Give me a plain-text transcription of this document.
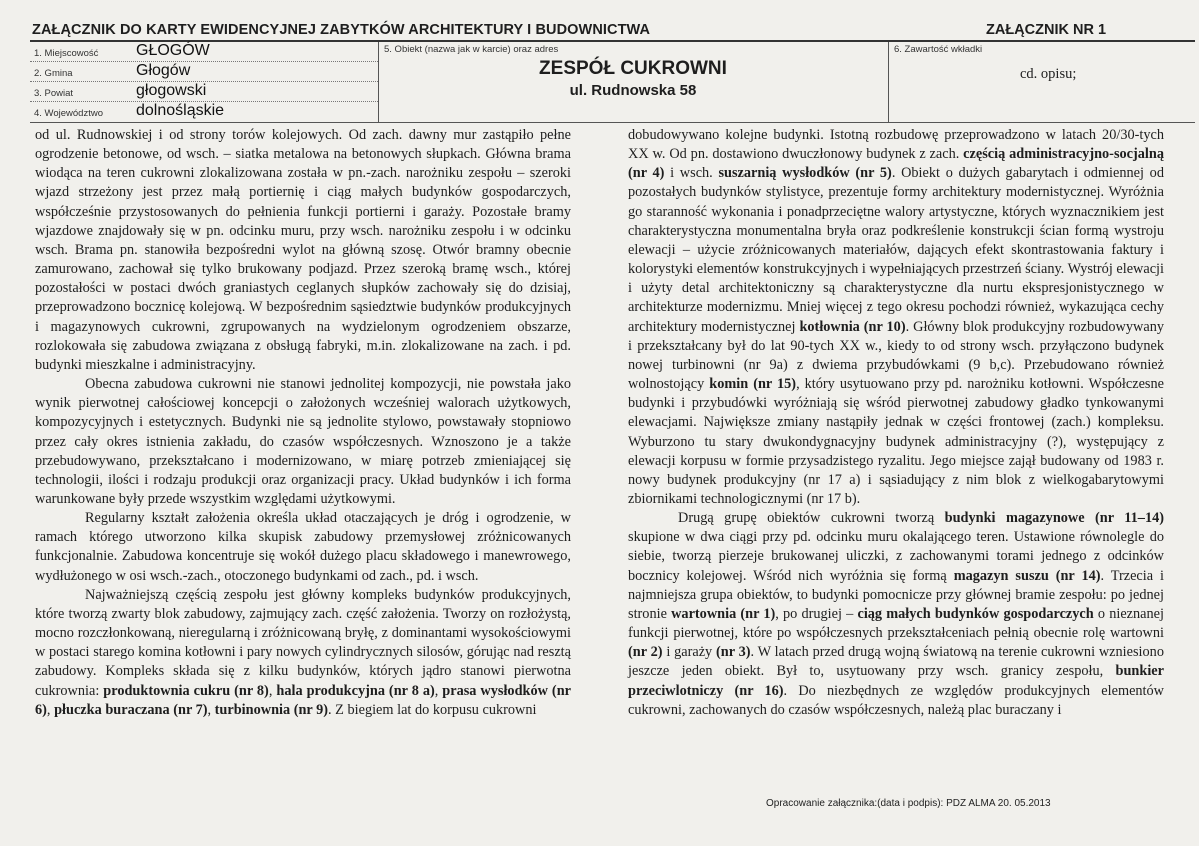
ZAŁĄCZNIK DO KARTY EWIDENCYJNEJ ZABYTKÓW ARCHITEKTURY I BUDOWNICTWA	ZAŁĄCZNIK NR 1
1. Miejscowość GŁOGÓW
2. Gmina	Głogów
3. Powiat	głogowski
4. Województwo dolnośląskie
5. Obiekt (nazwa jak w karcie) oraz adres
ZESPÓŁ CUKROWNI
ul. Rudnowska 58
6. Zawartość wkładki
cd. opisu;

od ul. Rudnowskiej i od strony torów kolejowych. Od zach. dawny mur zastąpiło pełne ogrodzenie betonowe, od wsch. – siatka metalowa na betonowych słupkach. Główna brama wiodąca na teren cukrowni zlokalizowana została w pn.-zach. narożniku zespołu – szeroki wjazd strzeżony jest przez małą portiernię i ciąg małych budynków gospodarczych, współcześnie przystosowanych do pełnienia funkcji portierni i garaży. Pozostałe bramy wjazdowe znajdowały się w pn. odcinku muru, przy wsch. narożniku zespołu i w odcinku wsch. Brama pn. stanowiła bezpośredni wylot na główną szosę. Otwór bramny obecnie zamurowano, zachował się tylko brukowany podjazd. Przez szeroką bramę wsch., której pozostałości w postaci dwóch graniastych ceglanych słupków zachowały się do dzisiaj, przeprowadzono bocznicę kolejową. W bezpośrednim sąsiedztwie budynków produkcyjnych i magazynowych cukrowni, zgrupowanych na wydzielonym ogrodzeniem obszarze, rozlokowała się zabudowa związana z obsługą fabryki, m.in. zlokalizowane na zach. i pd. budynki mieszkalne i administracyjny.

Obecna zabudowa cukrowni nie stanowi jednolitej kompozycji, nie powstała jako wynik pierwotnej całościowej koncepcji o założonych wcześniej walorach użytkowych, kompozycyjnych i estetycznych. Budynki nie są jednolite stylowo, powstawały stopniowo przez cały okres istnienia zakładu, do czasów współczesnych. Wznoszono je a także przebudowywano, przekształcano i modernizowano, w miarę potrzeb zmieniającej się technologii, ilości i rodzaju produkcji oraz organizacji pracy. Układ budynków i ich forma warunkowane były przede wszystkim względami użytkowymi.

Regularny kształt założenia określa układ otaczających je dróg i ogrodzenie, w ramach którego utworzono kilka skupisk zabudowy przemysłowej zróżnicowanych funkcjonalnie. Zabudowa koncentruje się wokół dużego placu składowego i manewrowego, wydłużonego w osi wsch.-zach., otoczonego budynkami od zach., pd. i wsch.

Najważniejszą częścią zespołu jest główny kompleks budynków produkcyjnych, które tworzą zwarty blok zabudowy, zajmujący zach. część założenia. Tworzy on rozłożystą, mocno rozczłonkowaną, nieregularną i zróżnicowaną bryłę, z dominantami wysokościowymi w postaci starego komina kotłowni i pary nowych cylindrycznych silosów, górując nad resztą zabudowy. Kompleks składa się z kilku budynków, których jądro stanowi pierwotna cukrownia: produktownia cukru (nr 8), hala produkcyjna (nr 8 a), prasa wysłodków (nr 6), płuczka buraczana (nr 7), turbinownia (nr 9). Z biegiem lat do korpusu cukrowni

dobudowywano kolejne budynki. Istotną rozbudowę przeprowadzono w latach 20/30-tych XX w. Od pn. dostawiono dwuczłonowy budynek z zach. częścią administracyjno-socjalną (nr 4) i wsch. suszarnią wysłodków (nr 5). Obiekt o dużych gabarytach i odmiennej od pozostałych budynków stylistyce, prezentuje formy architektury modernistycznej. Wyróżnia go staranność wykonania i ponadprzeciętne walory artystyczne, których wyznacznikiem jest charakterystyczna monumentalna bryła oraz podkreślenie konstrukcji ścian formą wystroju elewacji – użycie zróżnicowanych materiałów, dających efekt skontrastowania faktury i kolorystyki elementów konstrukcyjnych i wypełniających przestrzeń ściany. Wystrój elewacji i użyty detal architektoniczny są charakterystyczne dla nurtu ekspresjonistycznego w architekturze modernizmu. Mniej więcej z tego okresu pochodzi również, wykazująca cechy architektury modernistycznej kotłownia (nr 10). Główny blok produkcyjny rozbudowywany i przekształcany był do lat 90-tych XX w., kiedy to od strony wsch. przyłączono budynek nowej turbinowni (nr 9a) z dwiema przybudówkami (9 b,c). Przebudowano również wolnostojący komin (nr 15), który usytuowano przy pd. narożniku kotłowni. Współczesne budynki i przybudówki wyróżniają się wśród pierwotnej zabudowy gładko tynkowanymi elewacjami. Największe zmiany nastąpiły jednak w części frontowej (zach.) kompleksu. Wyburzono tu stary dwukondygnacyjny budynek administracyjny (?), występujący z elewacji korpusu w formie przysadzistego ryzalitu. Jego miejsce zajął budowany od 1983 r. nowy budynek produkcyjny (nr 17 a) i sąsiadujący z nim blok z wielkogabarytowymi zbiornikami technologicznymi (nr 17 b).

Drugą grupę obiektów cukrowni tworzą budynki magazynowe (nr 11–14) skupione w dwa ciągi przy pd. odcinku muru okalającego teren. Ustawione równolegle do siebie, tworzą pierzeje brukowanej uliczki, z zachowanymi torami jednego z odcinków bocznicy kolejowej. Wśród nich wyróżnia się formą magazyn suszu (nr 14). Trzecia i najmniejsza grupa obiektów, to budynki pomocnicze przy głównej bramie zespołu: po jednej stronie wartownia (nr 1), po drugiej – ciąg małych budynków gospodarczych o nieznanej funkcji pierwotnej, które po współczesnych przekształceniach pełnią obecnie rolę wartowni (nr 2) i garaży (nr 3). W latach przed drugą wojną światową na terenie cukrowni wzniesiono jeszcze jeden obiekt. Był to, usytuowany przy wsch. granicy zespołu, bunkier przeciwlotniczy (nr 16). Do niezbędnych ze względów produkcyjnych elementów cukrowni, zachowanych do czasów współczesnych, należą plac buraczany i

Opracowanie załącznika:(data i podpis): PDZ ALMA 20. 05.2013
